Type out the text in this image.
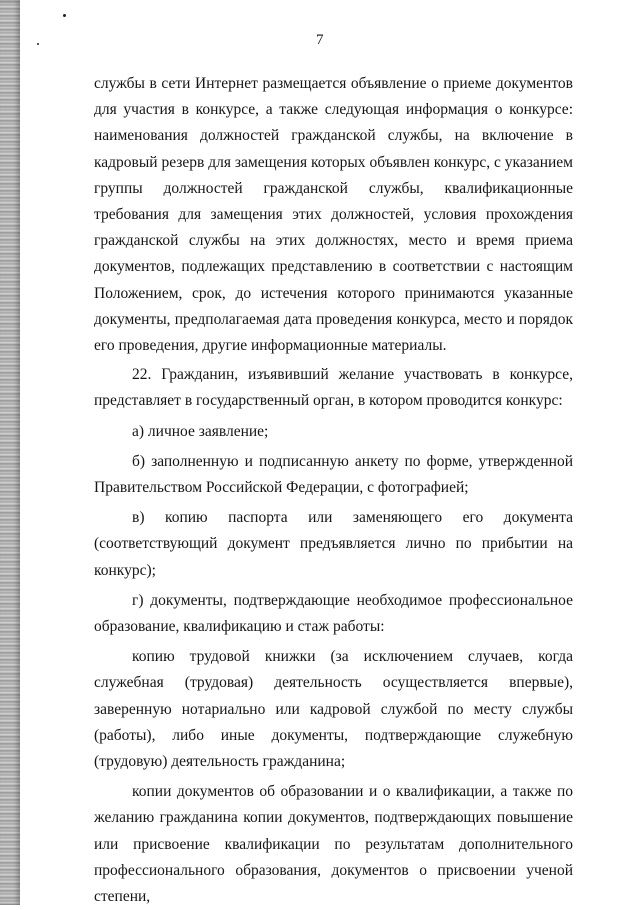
7

службы в сети Интернет размещается объявление о приеме документов для участия в конкурсе, а также следующая информация о конкурсе: наименования должностей гражданской службы, на включение в кадровый резерв для замещения которых объявлен конкурс, с указанием группы должностей гражданской службы, квалификационные требования для замещения этих должностей, условия прохождения гражданской службы на этих должностях, место и время приема документов, подлежащих представлению в соответствии с настоящим Положением, срок, до истечения которого принимаются указанные документы, предполагаемая дата проведения конкурса, место и порядок его проведения, другие информационные материалы.

22. Гражданин, изъявивший желание участвовать в конкурсе, представляет в государственный орган, в котором проводится конкурс:

а) личное заявление;

б) заполненную и подписанную анкету по форме, утвержденной Правительством Российской Федерации, с фотографией;

в) копию паспорта или заменяющего его документа (соответствующий документ предъявляется лично по прибытии на конкурс);

г) документы, подтверждающие необходимое профессиональное образование, квалификацию и стаж работы:

копию трудовой книжки (за исключением случаев, когда служебная (трудовая) деятельность осуществляется впервые), заверенную нотариально или кадровой службой по месту службы (работы), либо иные документы, подтверждающие служебную (трудовую) деятельность гражданина;

копии документов об образовании и о квалификации, а также по желанию гражданина копии документов, подтверждающих повышение или присвоение квалификации по результатам дополнительного профессионального образования, документов о присвоении ученой степени,
